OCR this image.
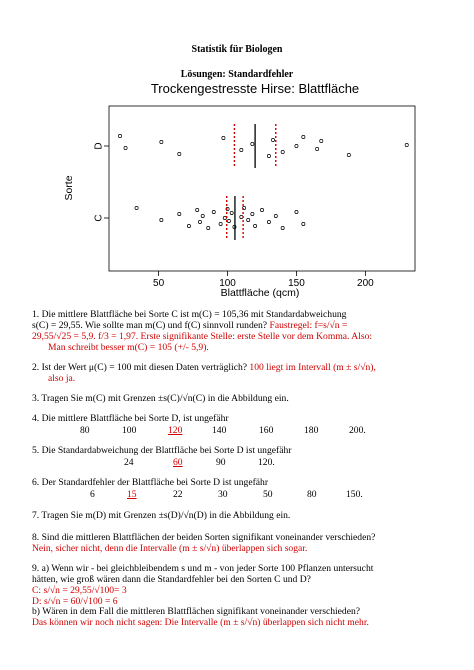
Statistik für Biologen
Lösungen: Standardfehler
Trockengestresste Hirse: Blattfläche
50	100	150	200
C
D
Blattfläche (qcm)
Sorte
1. Die mittlere Blattfläche bei Sorte C ist m(C) = 105,36 mit Standardabweichung
s(C) = 29,55. Wie sollte man m(C) und f(C) sinnvoll runden? Faustregel: f=s/√n =
29,55/√25 = 5,9. f/3 = 1,97. Erste signifikante Stelle: erste Stelle vor dem Komma. Also:
Man schreibt besser m(C) = 105 (+/- 5,9).
2. Ist der Wert μ(C) = 100 mit diesen Daten verträglich? 100 liegt im Intervall (m ± s/√n),
also ja.
3. Tragen Sie m(C) mit Grenzen ±s(C)/√n(C) in die Abbildung ein.
4. Die mittlere Blattfläche bei Sorte D, ist ungefähr
80	100	120	140	160	180	200.
5. Die Standardabweichung der Blattfläche bei Sorte D ist ungefähr
24	60	90	120.
6. Der Standardfehler der Blattfläche bei Sorte D ist ungefähr
6	15	22	30	50	80	150.
7. Tragen Sie m(D) mit Grenzen ±s(D)/√n(D) in die Abbildung ein.
8. Sind die mittleren Blattflächen der beiden Sorten signifikant voneinander verschieden?
Nein, sicher nicht, denn die Intervalle (m ± s/√n) überlappen sich sogar.
9. a) Wenn wir - bei gleichbleibendem s und m - von jeder Sorte 100 Pflanzen untersucht
hätten, wie groß wären dann die Standardfehler bei den Sorten C und D?
C: s/√n = 29,55/√100= 3
D: s/√n = 60/√100 = 6
b) Wären in dem Fall die mittleren Blattflächen signifikant voneinander verschieden?
Das können wir noch nicht sagen: Die Intervalle (m ± s/√n) überlappen sich nicht mehr.
